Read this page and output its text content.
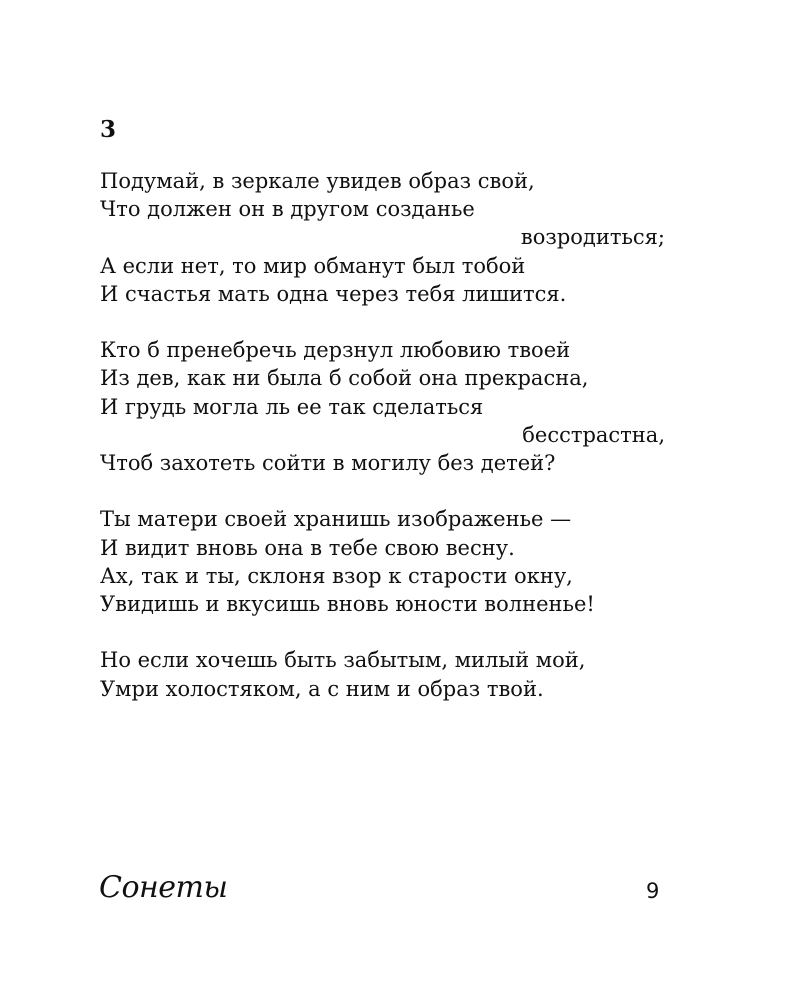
3
Подумай, в зеркале увидев образ свой,
Что должен он в другом созданье
возродиться;
А если нет, то мир обманут был тобой
И счастья мать одна через тебя лишится.
Кто б пренебречь дерзнул любовию твоей
Из дев, как ни была б собой она прекрасна,
И грудь могла ль ее так сделаться
бесстрастна,
Чтоб захотеть сойти в могилу без детей?
Ты матери своей хранишь изображенье —
И видит вновь она в тебе свою весну.
Ах, так и ты, склоня взор к старости окну,
Увидишь и вкусишь вновь юности волненье!
Но если хочешь быть забытым, милый мой,
Умри холостяком, а с ним и образ твой.
Сонеты	9
